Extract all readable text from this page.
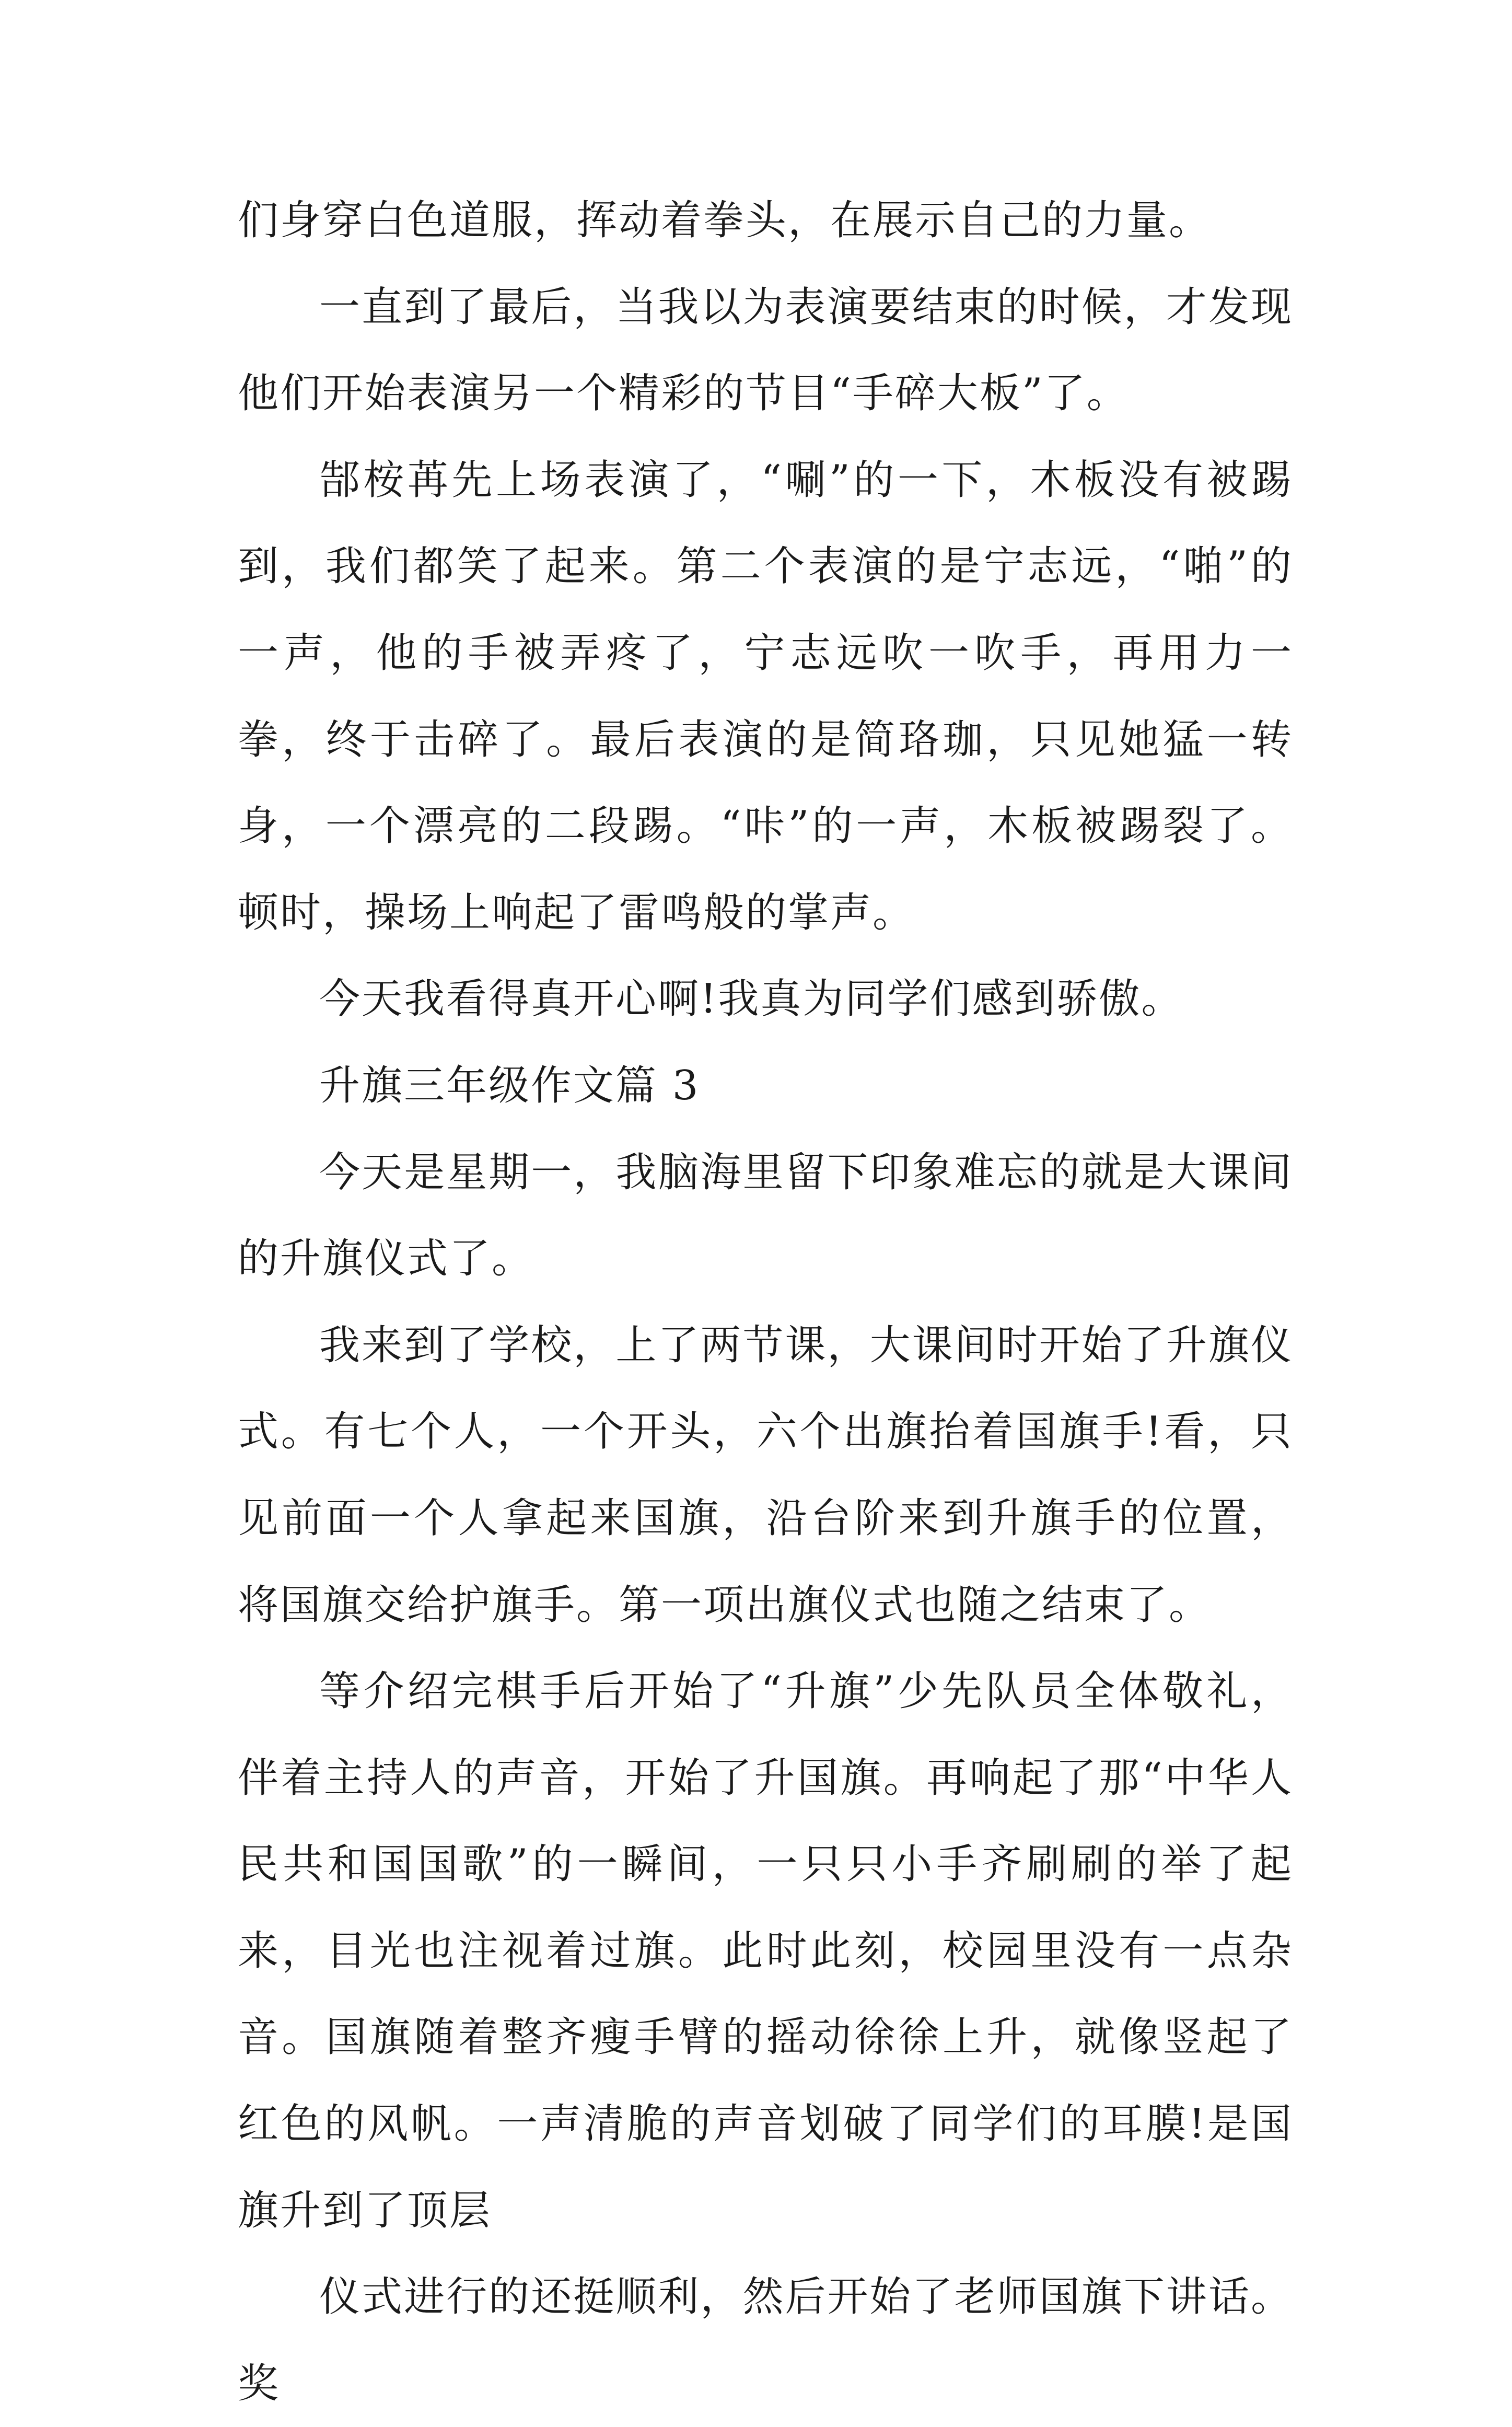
们身穿白色道服，挥动着拳头，在展示自己的力量。

一直到了最后，当我以为表演要结束的时候，才发现他们开始表演另一个精彩的节目“手碎大板”了。

郜桉苒先上场表演了，“唰”的一下，木板没有被踢到，我们都笑了起来。第二个表演的是宁志远，“啪”的一声，他的手被弄疼了，宁志远吹一吹手，再用力一拳，终于击碎了。最后表演的是简珞珈，只见她猛一转身，一个漂亮的二段踢。“咔”的一声，木板被踢裂了。顿时，操场上响起了雷鸣般的掌声。

今天我看得真开心啊!我真为同学们感到骄傲。

升旗三年级作文篇 3

今天是星期一，我脑海里留下印象难忘的就是大课间的升旗仪式了。

我来到了学校，上了两节课，大课间时开始了升旗仪式。有七个人，一个开头，六个出旗抬着国旗手!看，只见前面一个人拿起来国旗，沿台阶来到升旗手的位置，将国旗交给护旗手。第一项出旗仪式也随之结束了。

等介绍完棋手后开始了“升旗”少先队员全体敬礼，伴着主持人的声音，开始了升国旗。再响起了那“中华人民共和国国歌”的一瞬间，一只只小手齐刷刷的举了起来，目光也注视着过旗。此时此刻，校园里没有一点杂音。国旗随着整齐瘦手臂的摇动徐徐上升，就像竖起了红色的风帆。一声清脆的声音划破了同学们的耳膜!是国旗升到了顶层

仪式进行的还挺顺利，然后开始了老师国旗下讲话。奖
